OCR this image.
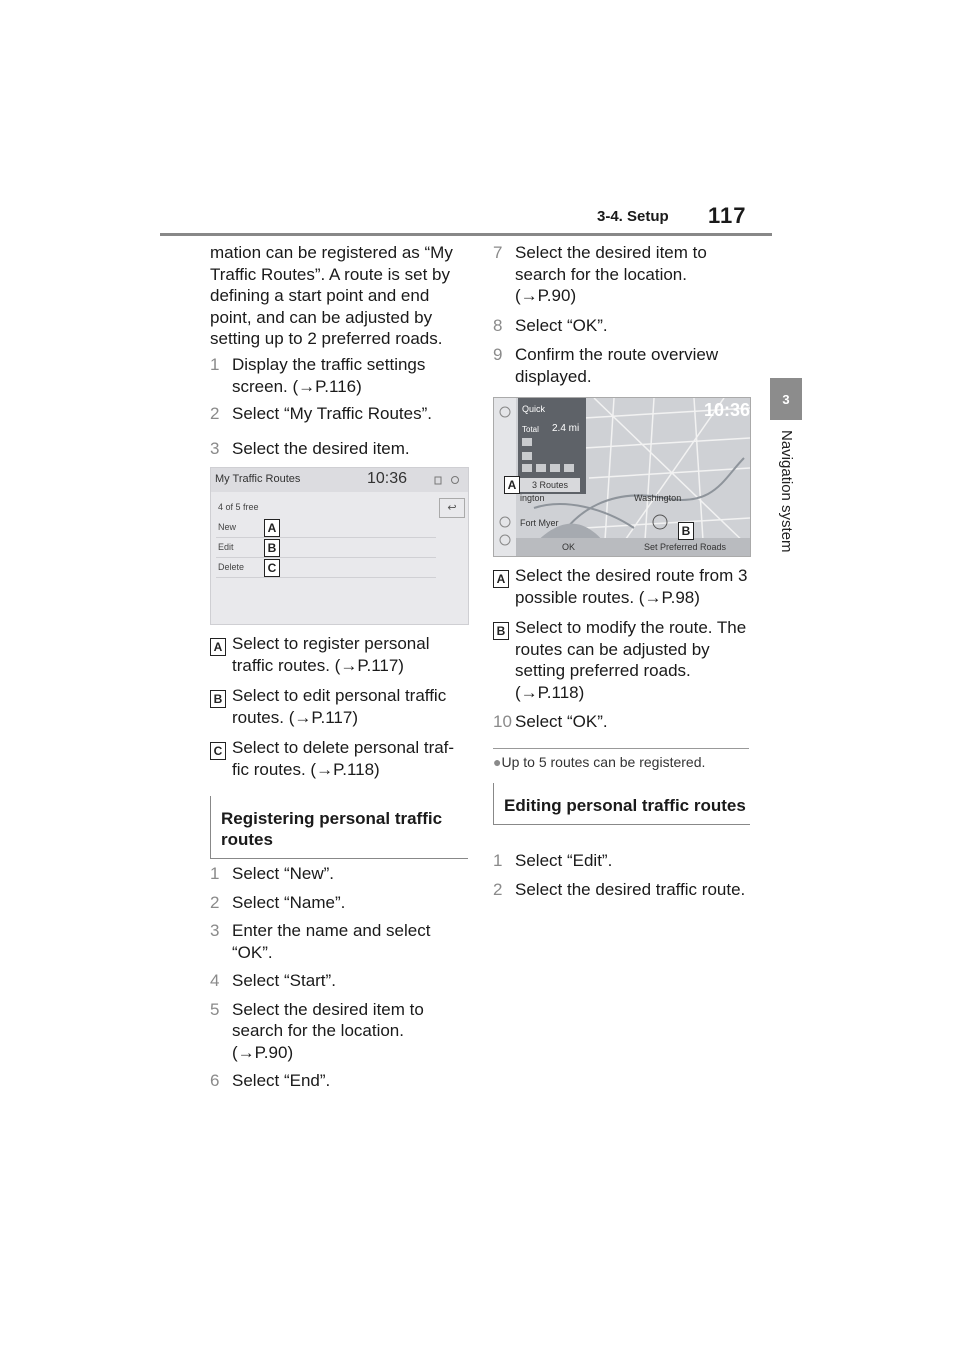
3-4. Setup 117
3
Navigation system
mation can be registered as “My Traffic Routes”. A route is set by defining a start point and end point, and can be adjusted by setting up to 2 preferred roads.
1 Display the traffic settings screen. (→P.116)
2 Select “My Traffic Routes”.
3 Select the desired item.
My Traffic Routes	10:36
4 of 5 free	↩
New	A
Edit	B
Delete	C
A Select to register personal traffic routes. (→P.117)
B Select to edit personal traffic routes. (→P.117)
C Select to delete personal traf-fic routes. (→P.118)
Registering personal traffic routes
1 Select “New”.
2 Select “Name”.
3 Enter the name and select “OK”.
4 Select “Start”.
5 Select the desired item to search for the location. (→P.90)
6 Select “End”.
7 Select the desired item to search for the location. (→P.90)
8 Select “OK”.
9 Confirm the route overview displayed.
Quick
Total 2.4 mi
10:36
ington	Washington
Fort Myer
3 Routes
OK	Set Preferred Roads
A
B
A Select the desired route from 3 possible routes. (→P.98)
B Select to modify the route. The routes can be adjusted by setting preferred roads. (→P.118)
10 Select “OK”.
●Up to 5 routes can be registered.
Editing personal traffic routes
1 Select “Edit”.
2 Select the desired traffic route.
